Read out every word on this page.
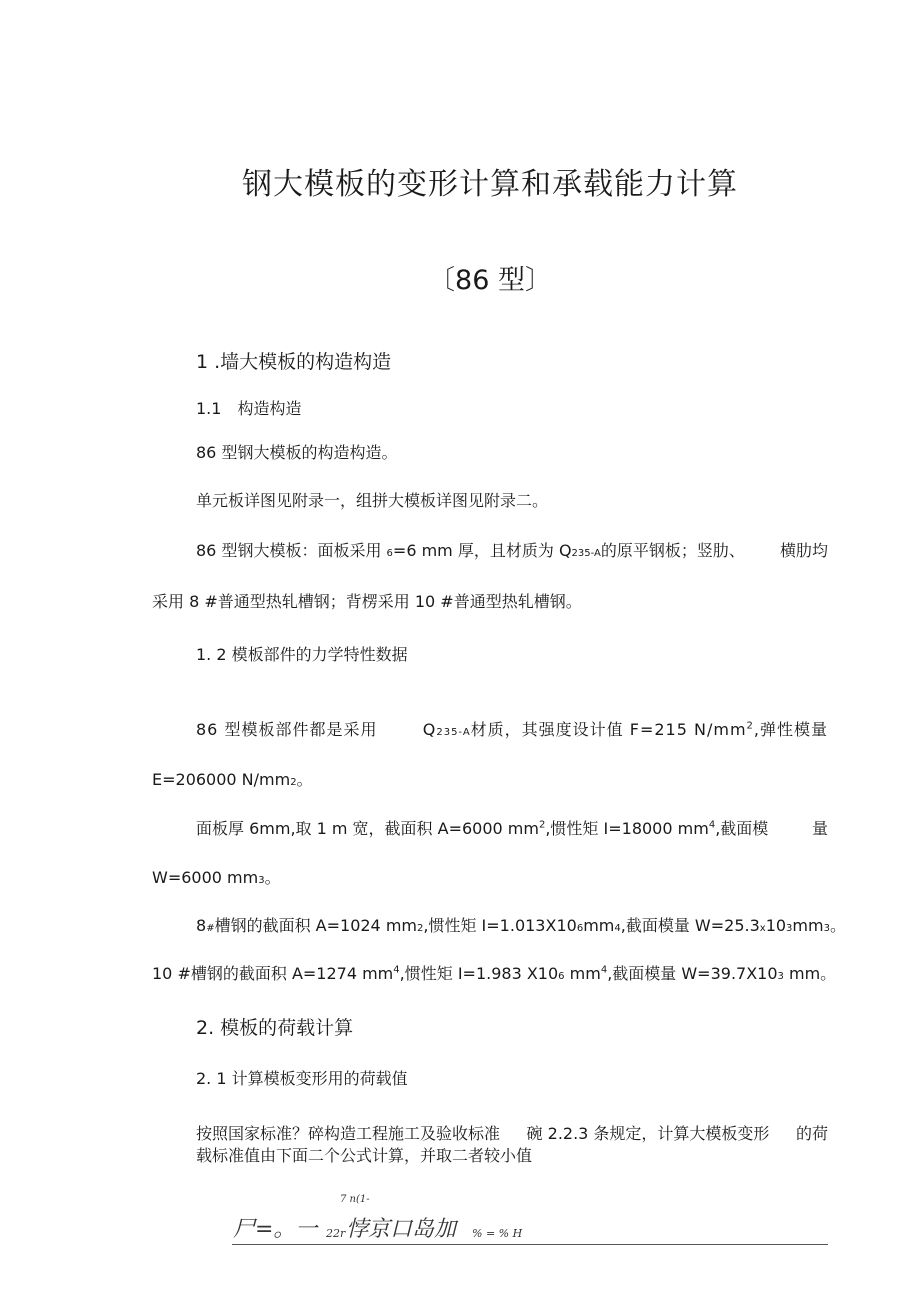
钢大模板的变形计算和承载能力计算
〔86 型〕
1 .墙大模板的构造构造
1.1　构造构造
86 型钢大模板的构造构造。
单元板详图见附录一，组拼大模板详图见附录二。
86 型钢大模板：面板采用 6=6 mm 厚，且材质为 Q235-A的原平钢板；竖肋、 横肋均
采用 8 #普通型热轧槽钢；背楞采用 10 #普通型热轧槽钢。
1. 2 模板部件的力学特性数据
86 型模板部件都是采用	Q235-A材质，其强度设计值 F=215 $N/mm^2$,弹性模量
E=206000 N/mm2。
面板厚 6mm,取 1 m 宽，截面积 A=6000 $mm^2$,惯性矩 I=18000 $mm^4$,截面模	量
W=6000 mm3。
8#槽钢的截面积 A=1024 mm2,惯性矩 I=1.013X106mm4,截面模量 W=25.3x103mm3。
10 #槽钢的截面积 A=1274 $mm^4$,惯性矩 I=1.983 X106 $mm^4$,截面模量 W=39.7X103 mm。
2. 模板的荷载计算
2. 1 计算模板变形用的荷载值
按照国家标准？碎构造工程施工及验收标准 碗 2.2.3 条规定，计算大模板变形 的荷
载标准值由下面二个公式计算，并取二者较小值
7 n(1-
尸=。一 22r 悖京口岛加 % = % H
